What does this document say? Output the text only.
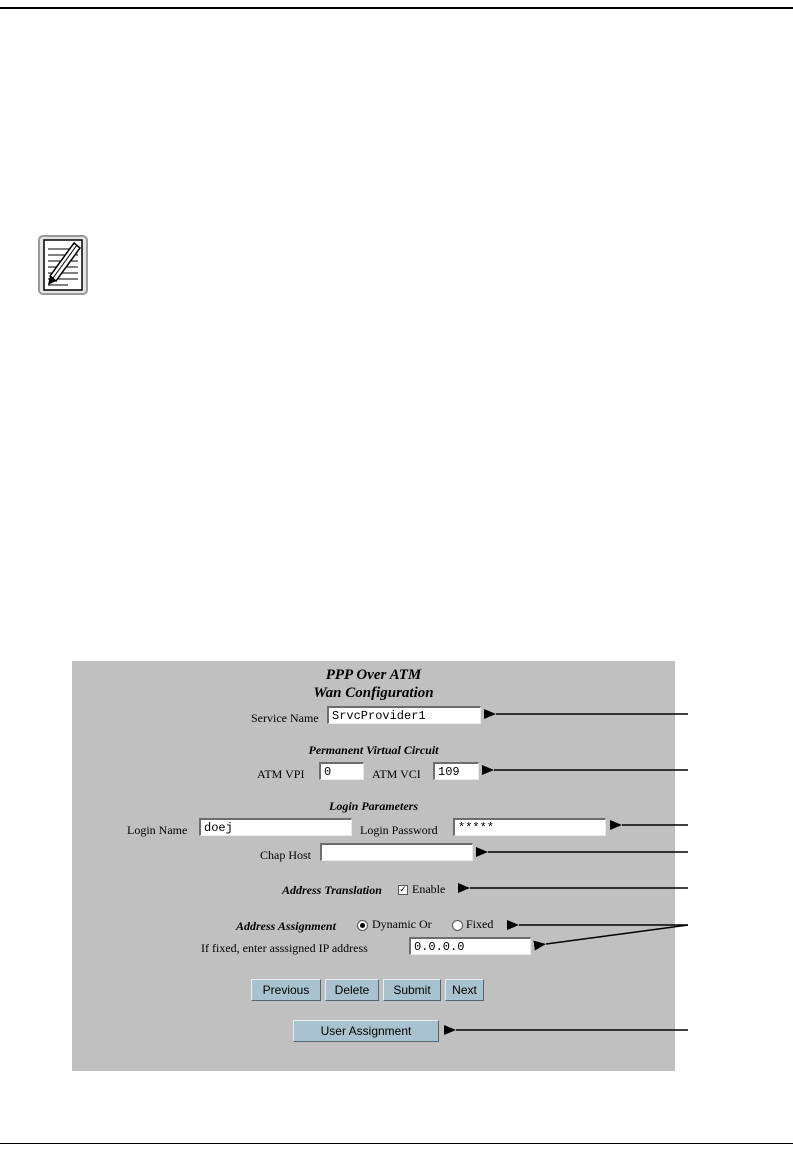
PPP Over ATM
Wan Configuration
Service Name	SrvcProvider1
Permanent Virtual Circuit
ATM VPI	0	ATM VCI	109
Login Parameters
Login Name	doej	Login Password	*****
Chap Host
Address Translation ✓ Enable
Address Assignment	Dynamic Or	Fixed
If fixed, enter asssigned IP address	0.0.0.0
Previous	Delete	Submit	Next
User Assignment
